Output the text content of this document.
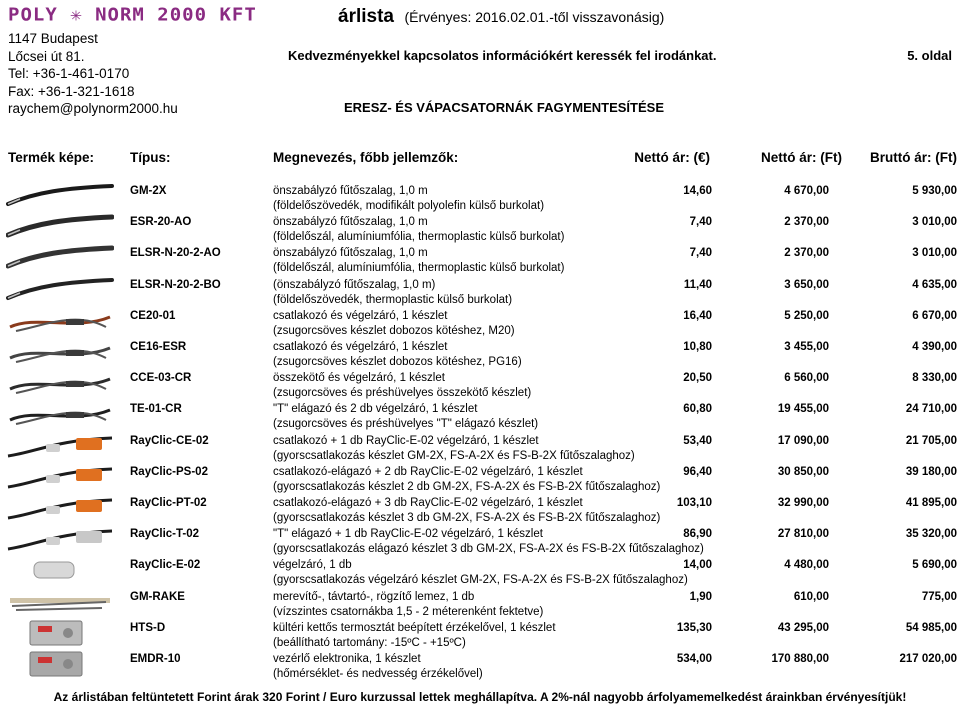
POLY ✳ NORM 2000 KFT
1147 Budapest
Lőcsei út 81.
Tel: +36-1-461-0170
Fax: +36-1-321-1618
raychem@polynorm2000.hu
árlista (Érvényes: 2016.02.01.-től visszavonásig)
Kedvezményekkel kapcsolatos információkért keressék fel irodánkat.	5. oldal
ERESZ- ÉS VÁPACSATORNÁK FAGYMENTESÍTÉSE
Termék képe:	Típus:	Megnevezés, főbb jellemzők:	Nettó ár: (€)	Nettó ár: (Ft) Bruttó ár: (Ft)
GM-2X	önszabályzó fűtőszalag, 1,0 m
(földelőszövedék, modifikált polyolefin külső burkolat)
14,60	4 670,00	5 930,00
ESR-20-AO	önszabályzó fűtőszalag, 1,0 m
(földelőszál, alumíniumfólia, thermoplastic külső burkolat)
7,40	2 370,00	3 010,00
ELSR-N-20-2-AO	önszabályzó fűtőszalag, 1,0 m
(földelőszál, alumíniumfólia, thermoplastic külső burkolat)
7,40	2 370,00	3 010,00
ELSR-N-20-2-BO	(önszabályzó fűtőszalag, 1,0 m)
(földelőszövedék, thermoplastic külső burkolat)
11,40	3 650,00	4 635,00
CE20-01	csatlakozó és végelzáró, 1 készlet
(zsugorcsöves készlet dobozos kötéshez, M20)
16,40	5 250,00	6 670,00
CE16-ESR	csatlakozó és végelzáró, 1 készlet
(zsugorcsöves készlet dobozos kötéshez, PG16)
10,80	3 455,00	4 390,00
CCE-03-CR	összekötő és végelzáró, 1 készlet
(zsugorcsöves és préshüvelyes összekötő készlet)
20,50	6 560,00	8 330,00
TE-01-CR	"T" elágazó és 2 db végelzáró, 1 készlet
(zsugorcsöves és préshüvelyes "T" elágazó készlet)
60,80	19 455,00	24 710,00
RayClic-CE-02	csatlakozó + 1 db RayClic-E-02 végelzáró, 1 készlet
(gyorscsatlakozás készlet GM-2X, FS-A-2X és FS-B-2X fűtőszalaghoz)
53,40	17 090,00	21 705,00
RayClic-PS-02	csatlakozó-elágazó + 2 db RayClic-E-02 végelzáró, 1 készlet
(gyorscsatlakozás készlet 2 db GM-2X, FS-A-2X és FS-B-2X fűtőszalaghoz)
96,40	30 850,00	39 180,00
RayClic-PT-02	csatlakozó-elágazó + 3 db RayClic-E-02 végelzáró, 1 készlet
(gyorscsatlakozás készlet 3 db GM-2X, FS-A-2X és FS-B-2X fűtőszalaghoz)
103,10	32 990,00	41 895,00
RayClic-T-02	"T" elágazó + 1 db RayClic-E-02 végelzáró, 1 készlet
(gyorscsatlakozás elágazó készlet 3 db GM-2X, FS-A-2X és FS-B-2X fűtőszalaghoz)
86,90	27 810,00	35 320,00
RayClic-E-02	végelzáró, 1 db
(gyorscsatlakozás végelzáró készlet GM-2X, FS-A-2X és FS-B-2X fűtőszalaghoz)
14,00	4 480,00	5 690,00
GM-RAKE	merevítő-, távtartó-, rögzítő lemez, 1 db
(vízszintes csatornákba 1,5 - 2 méterenként fektetve)
1,90	610,00	775,00
HTS-D	kültéri kettős termosztát beépített érzékelővel, 1 készlet
(beállítható tartomány: -15ºC - +15ºC)
135,30	43 295,00	54 985,00
EMDR-10	vezérlő elektronika, 1 készlet
(hőmérséklet- és nedvesség érzékelővel)
534,00	170 880,00	217 020,00
Az árlistában feltüntetett Forint árak 320 Forint / Euro kurzussal lettek meghállapítva. A 2%-nál nagyobb árfolyamemelkedést árainkban érvényesítjük!
